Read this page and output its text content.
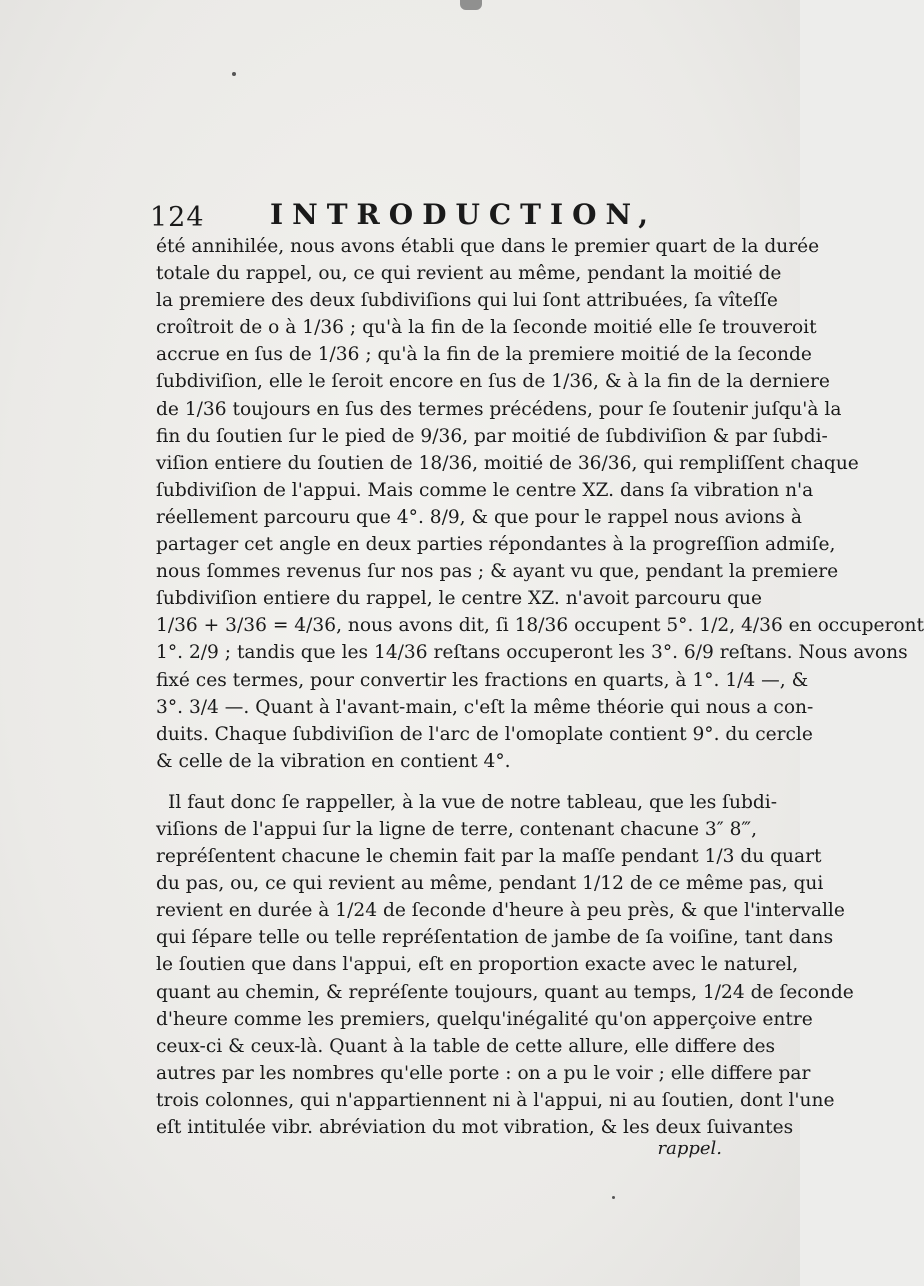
124 INTRODUCTION,
été annihilée, nous avons établi que dans le premier quart de la durée
totale du rappel, ou, ce qui revient au même, pendant la moitié de
la premiere des deux ſubdiviſions qui lui ſont attribuées, ſa vîteſſe
croîtroit de o à 1/36 ; qu'à la fin de la ſeconde moitié elle ſe trouveroit
accrue en ſus de 1/36 ; qu'à la fin de la premiere moitié de la ſeconde
ſubdiviſion, elle le ſeroit encore en ſus de 1/36, & à la fin de la derniere
de 1/36 toujours en ſus des termes précédens, pour ſe ſoutenir juſqu'à la
fin du ſoutien ſur le pied de 9/36, par moitié de ſubdiviſion & par ſubdi-
viſion entiere du ſoutien de 18/36, moitié de 36/36, qui rempliſſent chaque
ſubdiviſion de l'appui. Mais comme le centre XZ. dans ſa vibration n'a
réellement parcouru que 4°. 8/9, & que pour le rappel nous avions à
partager cet angle en deux parties répondantes à la progreſſion admiſe,
nous ſommes revenus ſur nos pas ; & ayant vu que, pendant la premiere
ſubdiviſion entiere du rappel, le centre XZ. n'avoit parcouru que
1/36 + 3/36 = 4/36, nous avons dit, ſi 18/36 occupent 5°. 1/2, 4/36 en occuperont
1°. 2/9 ; tandis que les 14/36 reſtans occuperont les 3°. 6/9 reſtans. Nous avons
fixé ces termes, pour convertir les fractions en quarts, à 1°. 1/4 —, &
3°. 3/4 —. Quant à l'avant-main, c'eſt la même théorie qui nous a con-
duits. Chaque ſubdiviſion de l'arc de l'omoplate contient 9°. du cercle
& celle de la vibration en contient 4°.
Il faut donc ſe rappeller, à la vue de notre tableau, que les ſubdi-
viſions de l'appui ſur la ligne de terre, contenant chacune 3″ 8‴,
repréſentent chacune le chemin fait par la maſſe pendant 1/3 du quart
du pas, ou, ce qui revient au même, pendant 1/12 de ce même pas, qui
revient en durée à 1/24 de ſeconde d'heure à peu près, & que l'intervalle
qui ſépare telle ou telle repréſentation de jambe de ſa voiſine, tant dans
le ſoutien que dans l'appui, eſt en proportion exacte avec le naturel,
quant au chemin, & repréſente toujours, quant au temps, 1/24 de ſeconde
d'heure comme les premiers, quelqu'inégalité qu'on apperçoive entre
ceux-ci & ceux-là. Quant à la table de cette allure, elle differe des
autres par les nombres qu'elle porte : on a pu le voir ; elle differe par
trois colonnes, qui n'appartiennent ni à l'appui, ni au ſoutien, dont l'une
eſt intitulée vibr. abréviation du mot vibration, & les deux ſuivantes
rappel.
